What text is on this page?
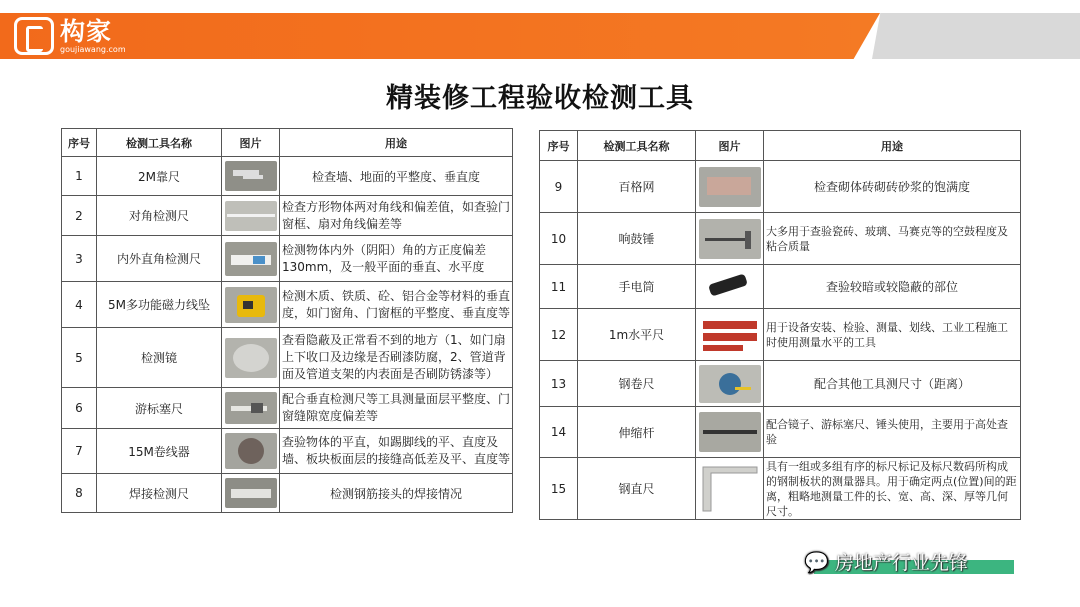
构家
goujiawang.com
精装修工程验收检测工具
序号	检测工具名称	图片	用途
1	2M靠尺		检查墙、地面的平整度、垂直度
2	对角检测尺		检查方形物体两对角线和偏差值，如查验门窗框、扇对角线偏差等
3	内外直角检测尺		检测物体内外（阴阳）角的方正度偏差130mm，及一般平面的垂直、水平度
4	5M多功能磁力线坠		检测木质、铁质、砼、铝合金等材料的垂直度，如门窗角、门窗框的平整度、垂直度等
5	检测镜		查看隐蔽及正常看不到的地方（1、如门扇上下收口及边缘是否刷漆防腐，2、管道背面及管道支架的内表面是否刷防锈漆等）
6	游标塞尺		配合垂直检测尺等工具测量面层平整度、门窗缝隙宽度偏差等
7	15M卷线器		查验物体的平直，如踢脚线的平、直度及墙、板块板面层的接缝高低差及平、直度等
8	焊接检测尺		检测钢筋接头的焊接情况
序号	检测工具名称	图片	用途
9	百格网		检查砌体砖砌砖砂浆的饱满度
10	响鼓锤		大多用于查验瓷砖、玻璃、马赛克等的空鼓程度及粘合质量
11	手电筒		查验较暗或较隐蔽的部位
12	1m水平尺		用于设备安装、检验、测量、划线、工业工程施工时使用测量水平的工具
13	钢卷尺		配合其他工具测尺寸（距离）
14	伸缩杆		配合镜子、游标塞尺、锤头使用，主要用于高处查验
15	钢直尺		具有一组或多组有序的标尺标记及标尺数码所构成的钢制板状的测量器具。用于确定两点(位置)间的距离，粗略地测量工件的长、宽、高、深、厚等几何尺寸。
💬 房地产行业先锋
